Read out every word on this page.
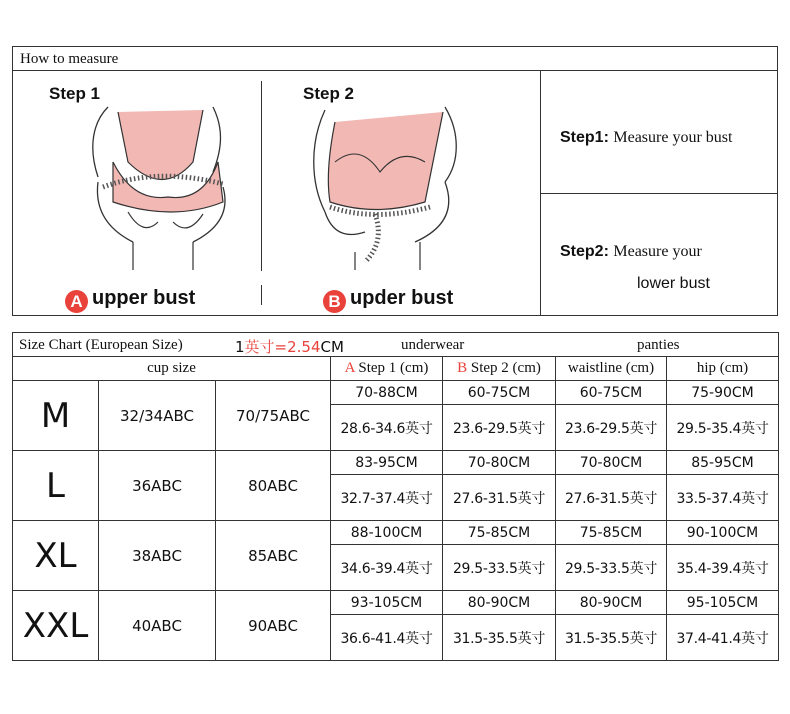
How to measure
Step 1	Step 2
A upper bust	B upder bust
Step1: Measure your bust
Step2: Measure your
lower bust
Size Chart (European Size) 1英寸=2.54CM underwear panties						

cup size			A Step 1 (cm)	B Step 2 (cm)	waistline (cm)	hip (cm)
M	32/34ABC	70/75ABC	70-88CM	60-75CM	60-75CM	75-90CM
			28.6-34.6英寸	23.6-29.5英寸	23.6-29.5英寸	29.5-35.4英寸
L	36ABC	80ABC	83-95CM	70-80CM	70-80CM	85-95CM
			32.7-37.4英寸	27.6-31.5英寸	27.6-31.5英寸	33.5-37.4英寸
XL	38ABC	85ABC	88-100CM	75-85CM	75-85CM	90-100CM
			34.6-39.4英寸	29.5-33.5英寸	29.5-33.5英寸	35.4-39.4英寸
XXL	40ABC	90ABC	93-105CM	80-90CM	80-90CM	95-105CM
			36.6-41.4英寸	31.5-35.5英寸	31.5-35.5英寸	37.4-41.4英寸
